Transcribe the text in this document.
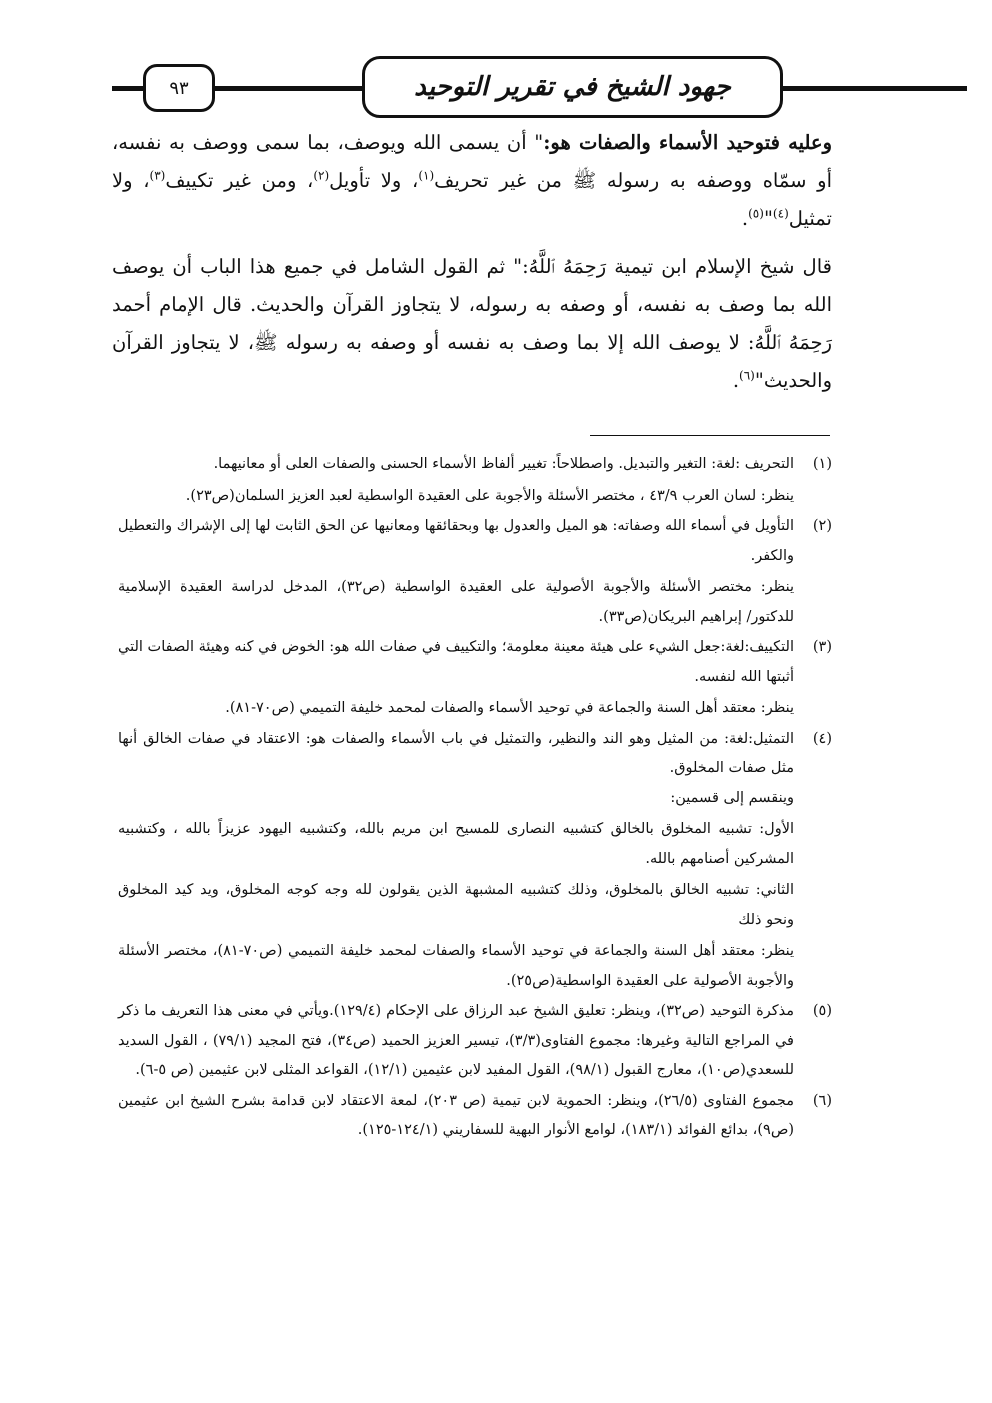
٩٣	جهود الشيخ في تقرير التوحيد

وعليه فتوحيد الأسماء والصفات هو:" أن يسمى الله ويوصف، بما سمى ووصف به نفسه، أو سمّاه ووصفه به رسوله ﷺ من غير تحريف$^{(١)}$، ولا تأويل$^{(٢)}$، ومن غير تكييف$^{(٣)}$، ولا تمثيل$^{(٤)}$"$^{(٥)}$.

قال شيخ الإسلام ابن تيمية رَحِمَهُ ٱللَّهُ:" ثم القول الشامل في جميع هذا الباب أن يوصف الله بما وصف به نفسه، أو وصفه به رسوله، لا يتجاوز القرآن والحديث. قال الإمام أحمد رَحِمَهُ ٱللَّهُ: لا يوصف الله إلا بما وصف به نفسه أو وصفه به رسوله ﷺ، لا يتجاوز القرآن والحديث"$^{(٦)}$.

(١)

التحريف :لغة: التغير والتبديل. واصطلاحاً: تغيير ألفاظ الأسماء الحسنى والصفات العلى أو معانيهما.

ينظر: لسان العرب ٤٣/٩ ، مختصر الأسئلة والأجوبة على العقيدة الواسطية لعبد العزيز السلمان(ص٢٣).

(٢)

التأويل في أسماء الله وصفاته: هو الميل والعدول بها وبحقائقها ومعانيها عن الحق الثابت لها إلى الإشراك والتعطيل والكفر.

ينظر: مختصر الأسئلة والأجوبة الأصولية على العقيدة الواسطية (ص٣٢)، المدخل لدراسة العقيدة الإسلامية للدكتور/ إبراهيم البريكان(ص٣٣).

(٣)

التكييف:لغة:جعل الشيء على هيئة معينة معلومة؛ والتكييف في صفات الله هو: الخوض في كنه وهيئة الصفات التي أثبتها الله لنفسه.

ينظر: معتقد أهل السنة والجماعة في توحيد الأسماء والصفات لمحمد خليفة التميمي (ص٧٠-٨١).

(٤)

التمثيل:لغة: من المثيل وهو الند والنظير، والتمثيل في باب الأسماء والصفات هو: الاعتقاد في صفات الخالق أنها مثل صفات المخلوق.

وينقسم إلى قسمين:

الأول: تشبيه المخلوق بالخالق كتشبيه النصارى للمسيح ابن مريم بالله، وكتشبيه اليهود عزيزاً بالله ، وكتشبيه المشركين أصنامهم بالله.

الثاني: تشبيه الخالق بالمخلوق، وذلك كتشبيه المشبهة الذين يقولون لله وجه كوجه المخلوق، ويد كيد المخلوق ونحو ذلك

ينظر: معتقد أهل السنة والجماعة في توحيد الأسماء والصفات لمحمد خليفة التميمي (ص٧٠-٨١)، مختصر الأسئلة والأجوبة الأصولية على العقيدة الواسطية(ص٢٥).

(٥)

مذكرة التوحيد (ص٣٢)، وينظر: تعليق الشيخ عبد الرزاق على الإحكام (١٢٩/٤).ويأتي في معنى هذا التعريف ما ذكر في المراجع التالية وغيرها: مجموع الفتاوى(٣/٣)، تيسير العزيز الحميد (ص٣٤)، فتح المجيد (٧٩/١) ، القول السديد للسعدي(ص١٠)، معارج القبول (٩٨/١)، القول المفيد لابن عثيمين (١٢/١)، القواعد المثلى لابن عثيمين (ص ٥-٦).

(٦)

مجموع الفتاوى (٢٦/٥)، وينظر: الحموية لابن تيمية (ص ٢٠٣)، لمعة الاعتقاد لابن قدامة بشرح الشيخ ابن عثيمين (ص٩)، بدائع الفوائد (١٨٣/١)، لوامع الأنوار البهية للسفاريني (١٢٤/١-١٢٥).
